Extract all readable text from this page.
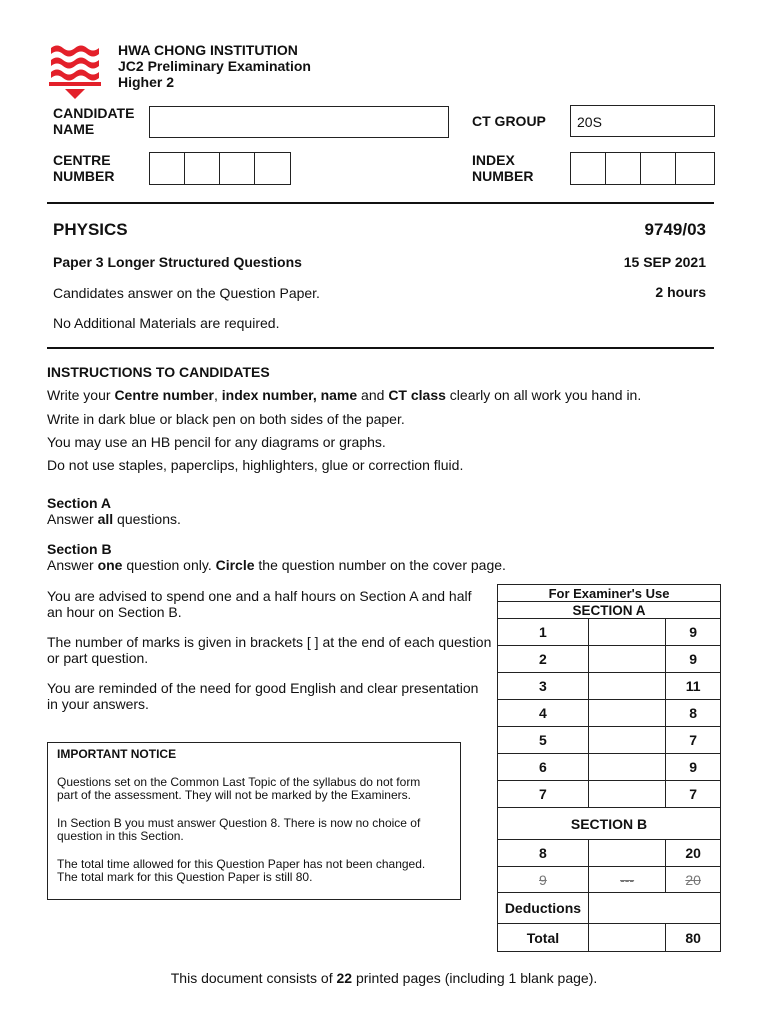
HWA CHONG INSTITUTION
JC2 Preliminary Examination
Higher 2
CANDIDATE
NAME	CT GROUP	20S
CENTRE
NUMBER
INDEX
NUMBER
PHYSICS	9749/03
Paper 3 Longer Structured Questions	15 SEP 2021
Candidates answer on the Question Paper.	2 hours
No Additional Materials are required.
INSTRUCTIONS TO CANDIDATES
Write your Centre number, index number, name and CT class clearly on all work you hand in.
Write in dark blue or black pen on both sides of the paper.
You may use an HB pencil for any diagrams or graphs.
Do not use staples, paperclips, highlighters, glue or correction fluid.
Section A
Answer all questions.
Section B
Answer one question only. Circle the question number on the cover page.
You are advised to spend one and a half hours on Section A and half
an hour on Section B.
The number of marks is given in brackets [ ] at the end of each question
or part question.
You are reminded of the need for good English and clear presentation
in your answers.

IMPORTANT NOTICE

Questions set on the Common Last Topic of the syllabus do not form

part of the assessment. They will not be marked by the Examiners.

In Section B you must answer Question 8. There is now no choice of

question in this Section.

The total time allowed for this Question Paper has not been changed.

The total mark for this Question Paper is still 80.

For Examiner's Use		
SECTION A		
1		9
2		9
3		11
4		8
5		7
6		9
7		7
SECTION B		
8		20
9	---	20
Deductions		
Total		80
This document consists of 22 printed pages (including 1 blank page).
